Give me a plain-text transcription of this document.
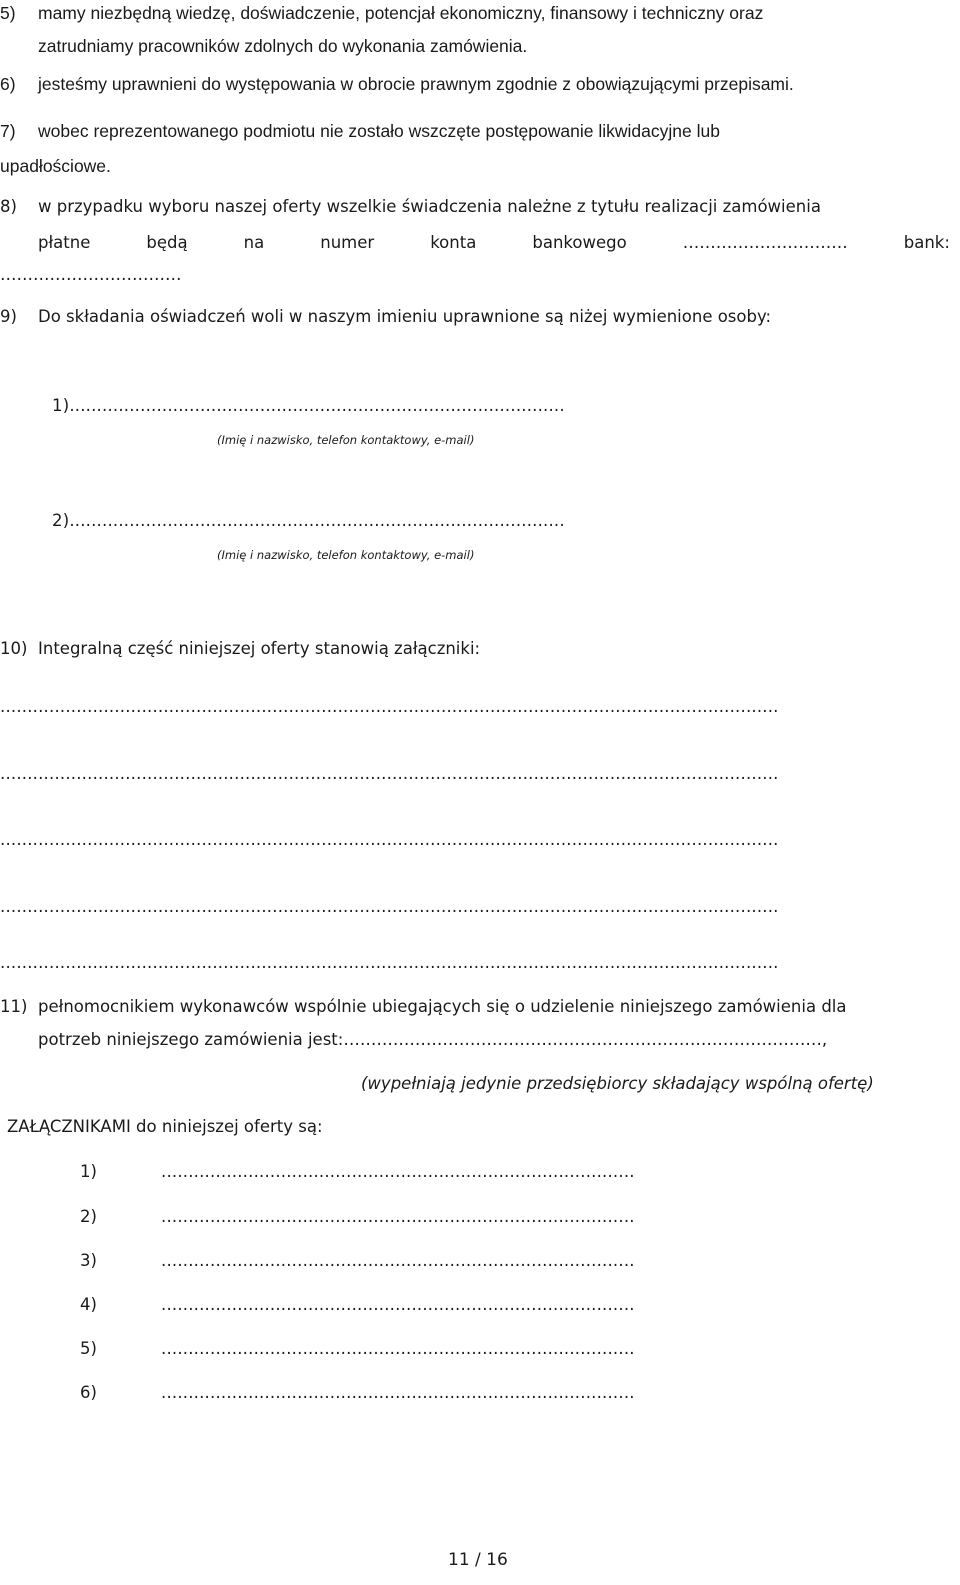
5) mamy niezbędną wiedzę, doświadczenie, potencjał ekonomiczny, finansowy i techniczny oraz
zatrudniamy pracowników zdolnych do wykonania zamówienia.
6) jesteśmy uprawnieni do występowania w obrocie prawnym zgodnie z obowiązującymi przepisami.
7) wobec reprezentowanego podmiotu nie zostało wszczęte postępowanie likwidacyjne lub
upadłościowe.
8) w przypadku wyboru naszej oferty wszelkie świadczenia należne z tytułu realizacji zamówienia
płatne	będą	na	numer	konta	bankowego	…………………………	bank:
……………………………
9) Do składania oświadczeń woli w naszym imieniu uprawnione są niżej wymienione osoby:
1)...........................................................................................
(Imię i nazwisko, telefon kontaktowy, e-mail)
2)...........................................................................................
(Imię i nazwisko, telefon kontaktowy, e-mail)
10) Integralną część niniejszej oferty stanowią załączniki:
...............................................................................................................................................
...............................................................................................................................................
...............................................................................................................................................
...............................................................................................................................................
...............................................................................................................................................
11) pełnomocnikiem wykonawców wspólnie ubiegających się o udzielenie niniejszego zamówienia dla
potrzeb niniejszego zamówienia jest:……………………………………………………………………………,
(wypełniają jedynie przedsiębiorcy składający wspólną ofertę)
ZAŁĄCZNIKAMI do niniejszej oferty są:
1)	.......................................................................................
2)	.......................................................................................
3)	.......................................................................................
4)	.......................................................................................
5)	.......................................................................................
6)	.......................................................................................
11 / 16
